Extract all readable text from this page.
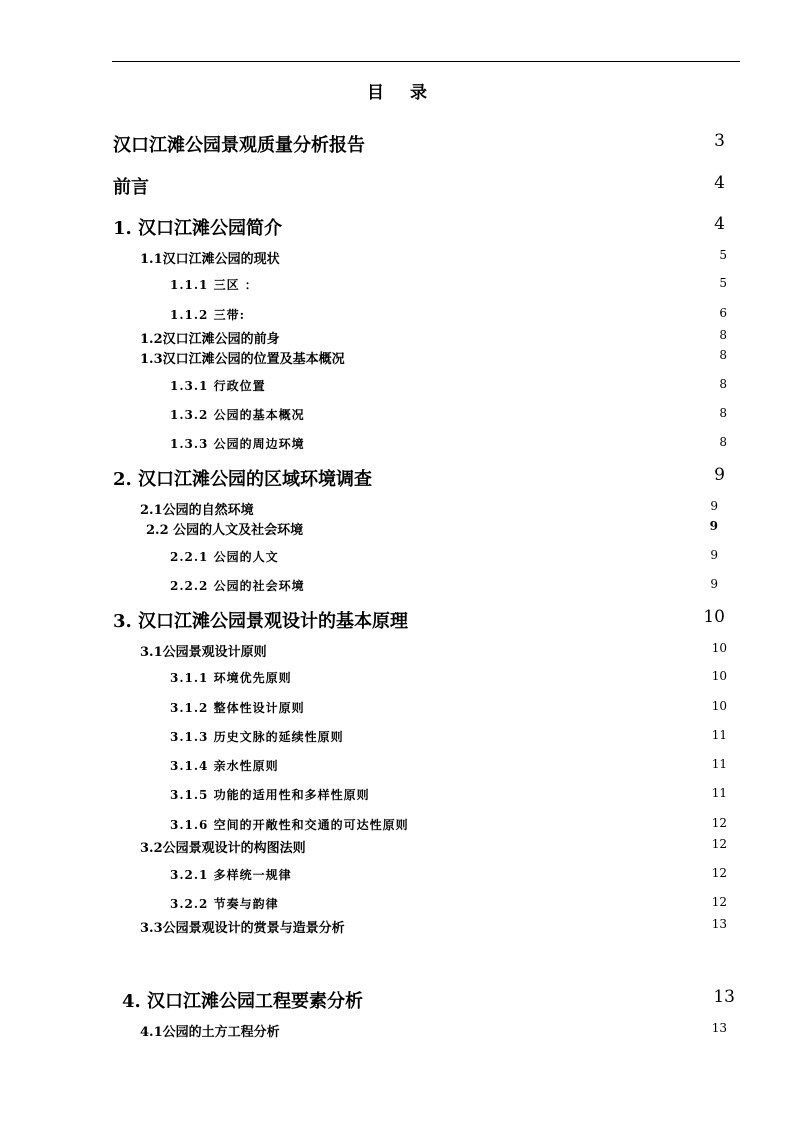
目 录
汉口江滩公园景观质量分析报告	3
前言	4
1. 汉口江滩公园简介	4
1.1汉口江滩公园的现状	5
1.1.1 三区 ：	5
1.1.2 三带:	6
1.2汉口江滩公园的前身	8
1.3汉口江滩公园的位置及基本概况	8
1.3.1 行政位置	8
1.3.2 公园的基本概况	8
1.3.3 公园的周边环境	8
2. 汉口江滩公园的区域环境调查	9
2.1公园的自然环境	9
2.2 公园的人文及社会环境	9
2.2.1 公园的人文	9
2.2.2 公园的社会环境	9
3. 汉口江滩公园景观设计的基本原理	10
3.1公园景观设计原则	10
3.1.1 环境优先原则	10
3.1.2 整体性设计原则	10
3.1.3 历史文脉的延续性原则	11
3.1.4 亲水性原则	11
3.1.5 功能的适用性和多样性原则	11
3.1.6 空间的开敞性和交通的可达性原则	12
3.2公园景观设计的构图法则	12
3.2.1 多样统一规律	12
3.2.2 节奏与韵律	12
3.3公园景观设计的赏景与造景分析	13
4. 汉口江滩公园工程要素分析	13
4.1公园的土方工程分析	13
